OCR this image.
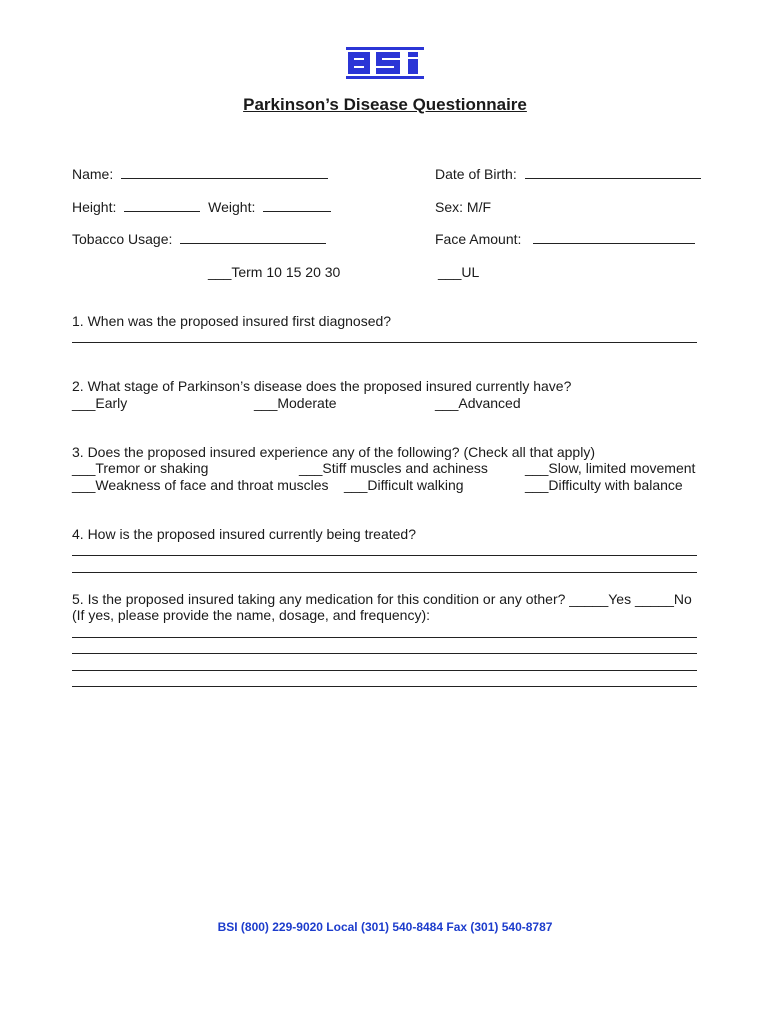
Parkinson’s Disease Questionnaire
Name:	Date of Birth:
Height:	Weight:	Sex: M/F
Tobacco Usage:	Face Amount:
___Term 10 15 20 30	___UL
1. When was the proposed insured first diagnosed?
2. What stage of Parkinson’s disease does the proposed insured currently have?
___Early	___Moderate	___Advanced
3. Does the proposed insured experience any of the following? (Check all that apply)
___Tremor or shaking	___Stiff muscles and achiness	___Slow, limited movement
___Weakness of face and throat muscles ___Difficult walking	___Difficulty with balance
4. How is the proposed insured currently being treated?
5. Is the proposed insured taking any medication for this condition or any other? _____Yes _____No
(If yes, please provide the name, dosage, and frequency):
BSI (800) 229-9020 Local (301) 540-8484 Fax (301) 540-8787
